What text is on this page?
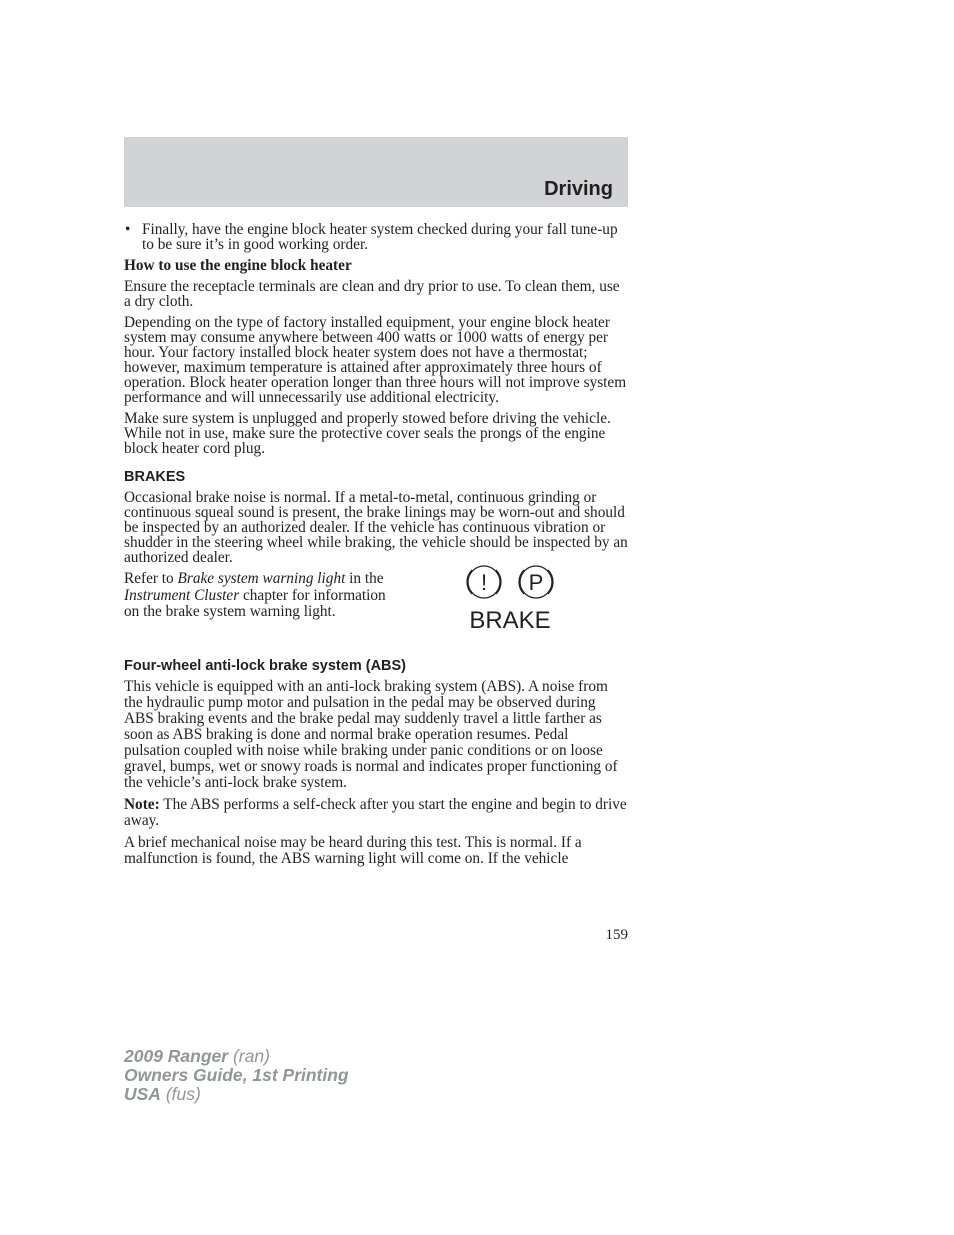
Driving
• Finally, have the engine block heater system checked during your fall tune-up to be sure it’s in good working order.
How to use the engine block heater

Ensure the receptacle terminals are clean and dry prior to use. To clean them, use a dry cloth.

Depending on the type of factory installed equipment, your engine block heater system may consume anywhere between 400 watts or 1000 watts of energy per hour. Your factory installed block heater system does not have a thermostat; however, maximum temperature is attained after approximately three hours of operation. Block heater operation longer than three hours will not improve system performance and will unnecessarily use additional electricity.

Make sure system is unplugged and properly stowed before driving the vehicle. While not in use, make sure the protective cover seals the prongs of the engine block heater cord plug.

BRAKES

Occasional brake noise is normal. If a metal-to-metal, continuous grinding or continuous squeal sound is present, the brake linings may be worn-out and should be inspected by an authorized dealer. If the vehicle has continuous vibration or shudder in the steering wheel while braking, the vehicle should be inspected by an authorized dealer.

Refer to Brake system warning light in the Instrument Cluster chapter for information on the brake system warning light.
! P
BRAKE
Four-wheel anti-lock brake system (ABS)

This vehicle is equipped with an anti-lock braking system (ABS). A noise from the hydraulic pump motor and pulsation in the pedal may be observed during ABS braking events and the brake pedal may suddenly travel a little farther as soon as ABS braking is done and normal brake operation resumes. Pedal pulsation coupled with noise while braking under panic conditions or on loose gravel, bumps, wet or snowy roads is normal and indicates proper functioning of the vehicle’s anti-lock brake system.

Note: The ABS performs a self-check after you start the engine and begin to drive away.

A brief mechanical noise may be heard during this test. This is normal. If a malfunction is found, the ABS warning light will come on. If the vehicle

159
2009 Ranger (ran)
Owners Guide, 1st Printing
USA (fus)
